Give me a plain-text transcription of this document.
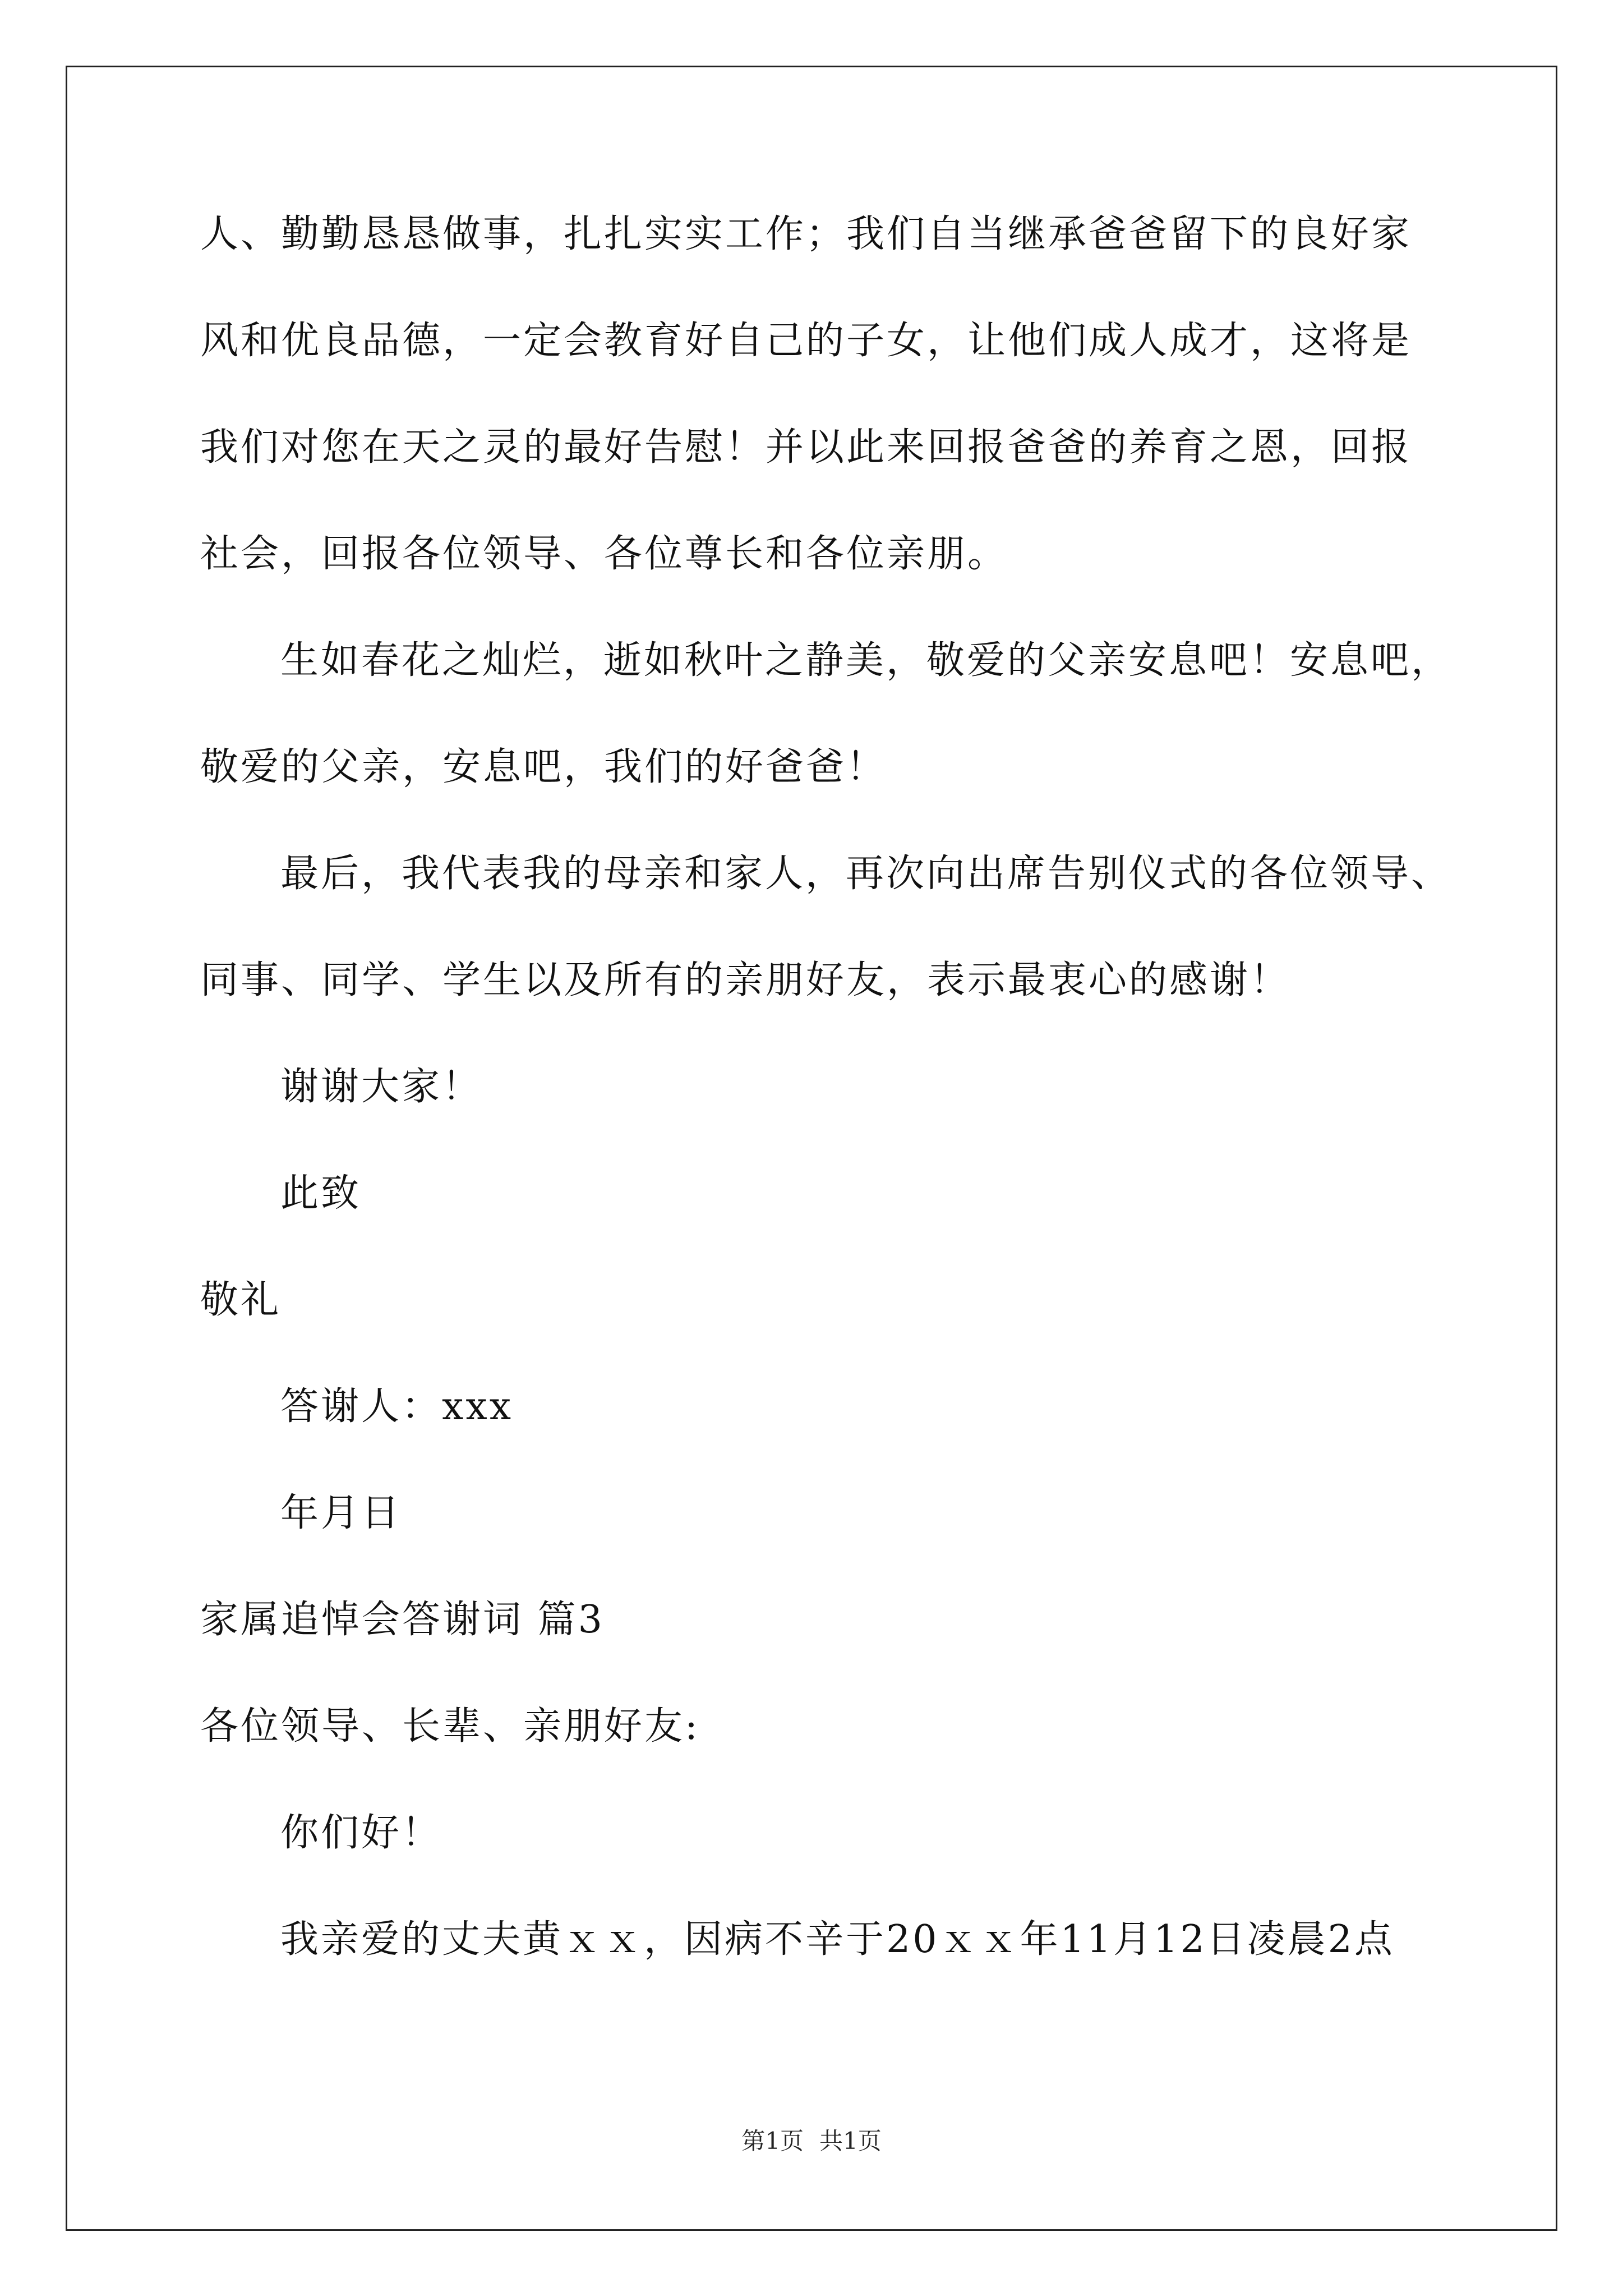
人、勤勤恳恳做事，扎扎实实工作；我们自当继承爸爸留下的良好家
风和优良品德，一定会教育好自己的子女，让他们成人成才，这将是
我们对您在天之灵的最好告慰！并以此来回报爸爸的养育之恩，回报
社会，回报各位领导、各位尊长和各位亲朋。
生如春花之灿烂，逝如秋叶之静美，敬爱的父亲安息吧！安息吧，
敬爱的父亲，安息吧，我们的好爸爸！
最后，我代表我的母亲和家人，再次向出席告别仪式的各位领导、
同事、同学、学生以及所有的亲朋好友，表示最衷心的感谢！
谢谢大家！
此致
敬礼
答谢人：xxx
年月日
家属追悼会答谢词 篇3
各位领导、长辈、亲朋好友:
你们好！
我亲爱的丈夫黄ｘｘ，因病不辛于20ｘｘ年11月12日凌晨2点
第1页 共1页
